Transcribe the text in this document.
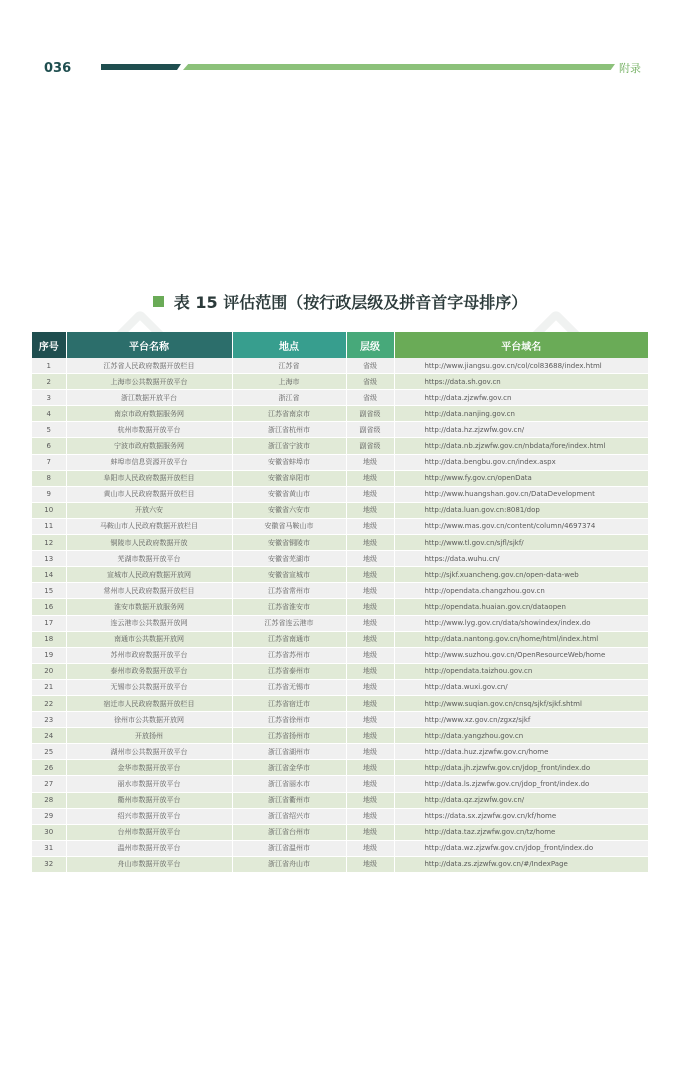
036	附录
表 15 评估范围（按行政层级及拼音首字母排序）
序号	平台名称	地点	层级	平台域名
1	江苏省人民政府数据开放栏目	江苏省	省级	http://www.jiangsu.gov.cn/col/col83688/index.html
2	上海市公共数据开放平台	上海市	省级	https://data.sh.gov.cn
3	浙江数据开放平台	浙江省	省级	http://data.zjzwfw.gov.cn
4	南京市政府数据服务网	江苏省南京市	副省级	http://data.nanjing.gov.cn
5	杭州市数据开放平台	浙江省杭州市	副省级	http://data.hz.zjzwfw.gov.cn/
6	宁波市政府数据服务网	浙江省宁波市	副省级	http://data.nb.zjzwfw.gov.cn/nbdata/fore/index.html
7	蚌埠市信息资源开放平台	安徽省蚌埠市	地级	http://data.bengbu.gov.cn/index.aspx
8	阜阳市人民政府数据开放栏目	安徽省阜阳市	地级	http://www.fy.gov.cn/openData
9	黄山市人民政府数据开放栏目	安徽省黄山市	地级	http://www.huangshan.gov.cn/DataDevelopment
10	开放六安	安徽省六安市	地级	http://data.luan.gov.cn:8081/dop
11	马鞍山市人民政府数据开放栏目	安徽省马鞍山市	地级	http://www.mas.gov.cn/content/column/4697374
12	铜陵市人民政府数据开放	安徽省铜陵市	地级	http://www.tl.gov.cn/sjfl/sjkf/
13	芜湖市数据开放平台	安徽省芜湖市	地级	https://data.wuhu.cn/
14	宣城市人民政府数据开放网	安徽省宣城市	地级	http://sjkf.xuancheng.gov.cn/open-data-web
15	常州市人民政府数据开放栏目	江苏省常州市	地级	http://opendata.changzhou.gov.cn
16	淮安市数据开放服务网	江苏省淮安市	地级	http://opendata.huaian.gov.cn/dataopen
17	连云港市公共数据开放网	江苏省连云港市	地级	http://www.lyg.gov.cn/data/showindex/index.do
18	南通市公共数据开放网	江苏省南通市	地级	http://data.nantong.gov.cn/home/html/index.html
19	苏州市政府数据开放平台	江苏省苏州市	地级	http://www.suzhou.gov.cn/OpenResourceWeb/home
20	泰州市政务数据开放平台	江苏省泰州市	地级	http://opendata.taizhou.gov.cn
21	无锡市公共数据开放平台	江苏省无锡市	地级	http://data.wuxi.gov.cn/
22	宿迁市人民政府数据开放栏目	江苏省宿迁市	地级	http://www.suqian.gov.cn/cnsq/sjkf/sjkf.shtml
23	徐州市公共数据开放网	江苏省徐州市	地级	http://www.xz.gov.cn/zgxz/sjkf
24	开放扬州	江苏省扬州市	地级	http://data.yangzhou.gov.cn
25	湖州市公共数据开放平台	浙江省湖州市	地级	http://data.huz.zjzwfw.gov.cn/home
26	金华市数据开放平台	浙江省金华市	地级	http://data.jh.zjzwfw.gov.cn/jdop_front/index.do
27	丽水市数据开放平台	浙江省丽水市	地级	http://data.ls.zjzwfw.gov.cn/jdop_front/index.do
28	衢州市数据开放平台	浙江省衢州市	地级	http://data.qz.zjzwfw.gov.cn/
29	绍兴市数据开放平台	浙江省绍兴市	地级	https://data.sx.zjzwfw.gov.cn/kf/home
30	台州市数据开放平台	浙江省台州市	地级	http://data.taz.zjzwfw.gov.cn/tz/home
31	温州市数据开放平台	浙江省温州市	地级	http://data.wz.zjzwfw.gov.cn/jdop_front/index.do
32	舟山市数据开放平台	浙江省舟山市	地级	http://data.zs.zjzwfw.gov.cn/#/IndexPage
